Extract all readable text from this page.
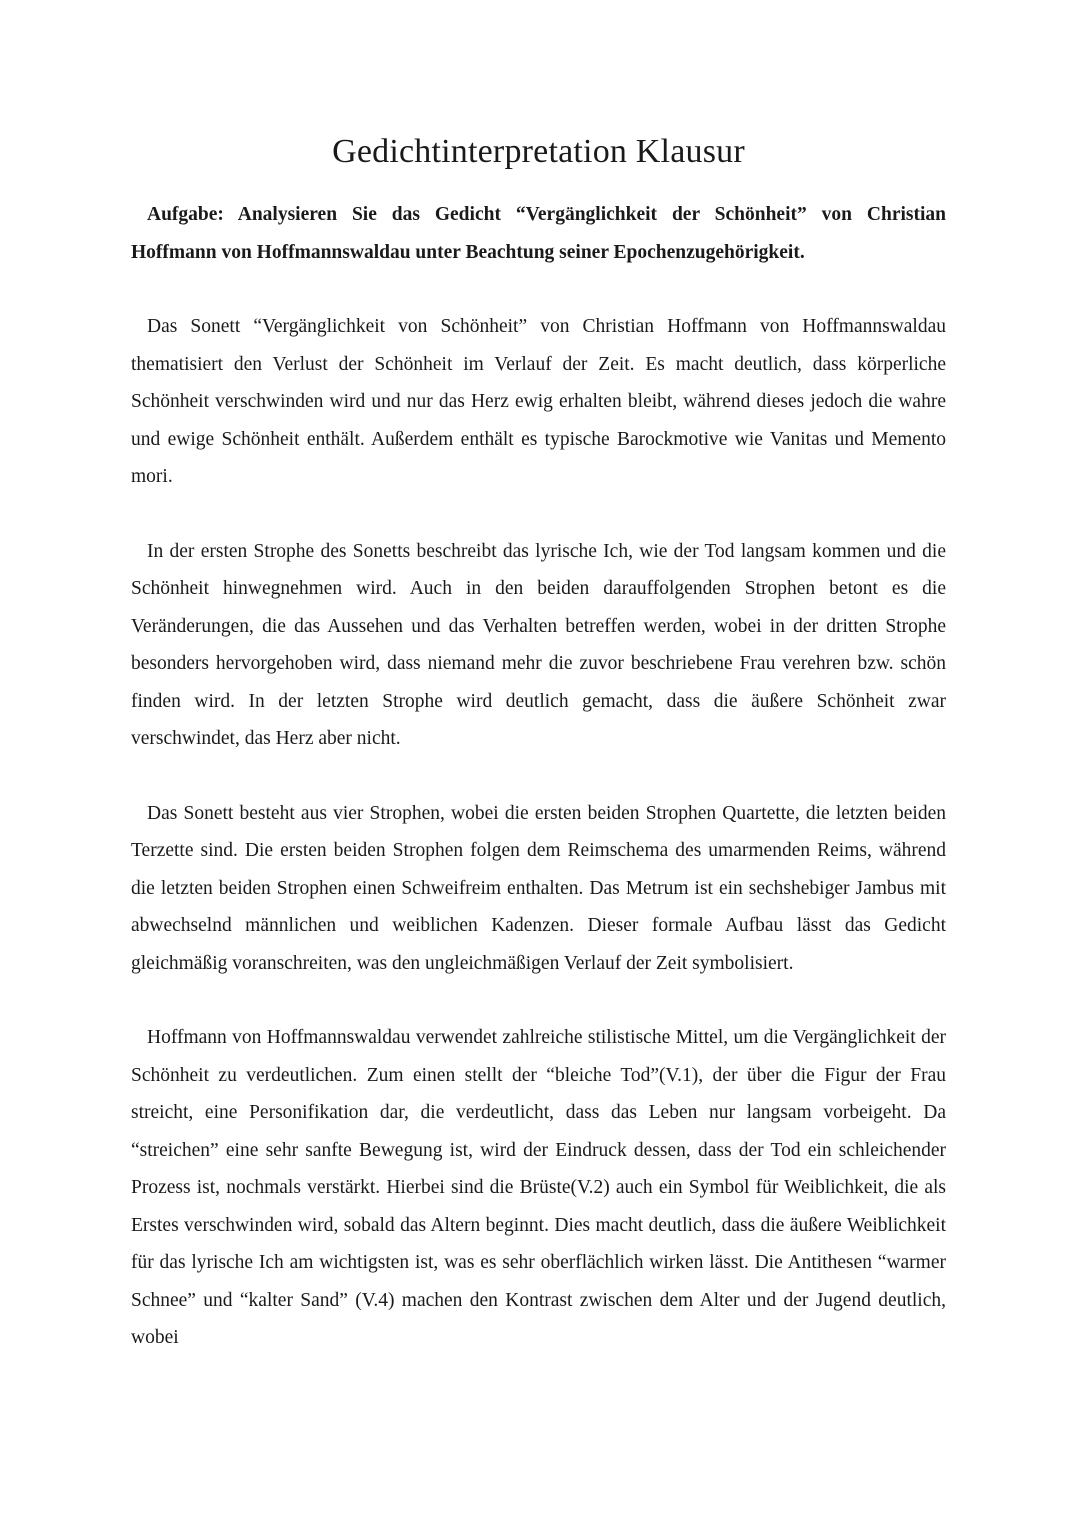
Gedichtinterpretation Klausur

Aufgabe: Analysieren Sie das Gedicht “Vergänglichkeit der Schönheit” von Christian Hoffmann von Hoffmannswaldau unter Beachtung seiner Epochenzugehörigkeit.

Das Sonett “Vergänglichkeit von Schönheit” von Christian Hoffmann von Hoffmannswaldau thematisiert den Verlust der Schönheit im Verlauf der Zeit. Es macht deutlich, dass körperliche Schönheit verschwinden wird und nur das Herz ewig erhalten bleibt, während dieses jedoch die wahre und ewige Schönheit enthält. Außerdem enthält es typische Barockmotive wie Vanitas und Memento mori.

In der ersten Strophe des Sonetts beschreibt das lyrische Ich, wie der Tod langsam kommen und die Schönheit hinwegnehmen wird. Auch in den beiden darauffolgenden Strophen betont es die Veränderungen, die das Aussehen und das Verhalten betreffen werden, wobei in der dritten Strophe besonders hervorgehoben wird, dass niemand mehr die zuvor beschriebene Frau verehren bzw. schön finden wird. In der letzten Strophe wird deutlich gemacht, dass die äußere Schönheit zwar verschwindet, das Herz aber nicht.

Das Sonett besteht aus vier Strophen, wobei die ersten beiden Strophen Quartette, die letzten beiden Terzette sind. Die ersten beiden Strophen folgen dem Reimschema des umarmenden Reims, während die letzten beiden Strophen einen Schweifreim enthalten. Das Metrum ist ein sechshebiger Jambus mit abwechselnd männlichen und weiblichen Kadenzen. Dieser formale Aufbau lässt das Gedicht gleichmäßig voranschreiten, was den ungleichmäßigen Verlauf der Zeit symbolisiert.

Hoffmann von Hoffmannswaldau verwendet zahlreiche stilistische Mittel, um die Vergänglichkeit der Schönheit zu verdeutlichen. Zum einen stellt der “bleiche Tod”(V.1), der über die Figur der Frau streicht, eine Personifikation dar, die verdeutlicht, dass das Leben nur langsam vorbeigeht. Da “streichen” eine sehr sanfte Bewegung ist, wird der Eindruck dessen, dass der Tod ein schleichender Prozess ist, nochmals verstärkt. Hierbei sind die Brüste(V.2) auch ein Symbol für Weiblichkeit, die als Erstes verschwinden wird, sobald das Altern beginnt. Dies macht deutlich, dass die äußere Weiblichkeit für das lyrische Ich am wichtigsten ist, was es sehr oberflächlich wirken lässt. Die Antithesen “warmer Schnee” und “kalter Sand” (V.4) machen den Kontrast zwischen dem Alter und der Jugend deutlich, wobei
